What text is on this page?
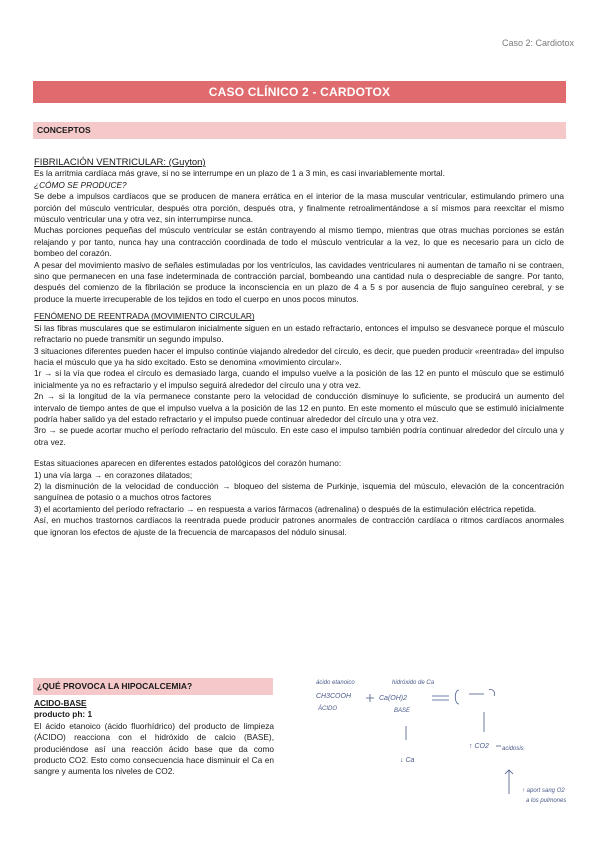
Caso 2: Cardiotox
CASO CLÍNICO 2 - CARDOTOX
CONCEPTOS

FIBRILACIÓN VENTRICULAR: (Guyton)

Es la arritmia cardíaca más grave, si no se interrumpe en un plazo de 1 a 3 min, es casi invariablemente mortal.

¿CÓMO SE PRODUCE?

Se debe a impulsos cardíacos que se producen de manera errática en el interior de la masa muscular ventricular, estimulando primero una porción del músculo ventricular, después otra porción, después otra, y finalmente retroalimentándose a sí mismos para reexcitar el mismo músculo ventricular una y otra vez, sin interrumpirse nunca.

Muchas porciones pequeñas del músculo ventricular se están contrayendo al mismo tiempo, mientras que otras muchas porciones se están relajando y por tanto, nunca hay una contracción coordinada de todo el músculo ventricular a la vez, lo que es necesario para un ciclo de bombeo del corazón.

A pesar del movimiento masivo de señales estimuladas por los ventrículos, las cavidades ventriculares ni aumentan de tamaño ni se contraen, sino que permanecen en una fase indeterminada de contracción parcial, bombeando una cantidad nula o despreciable de sangre. Por tanto, después del comienzo de la fibrilación se produce la inconsciencia en un plazo de 4 a 5 s por ausencia de flujo sanguíneo cerebral, y se produce la muerte irrecuperable de los tejidos en todo el cuerpo en unos pocos minutos.

FENÓMENO DE REENTRADA (MOVIMIENTO CIRCULAR)

Si las fibras musculares que se estimularon inicialmente siguen en un estado refractario, entonces el impulso se desvanece porque el músculo refractario no puede transmitir un segundo impulso.

3 situaciones diferentes pueden hacer el impulso continúe viajando alrededor del círculo, es decir, que pueden producir «reentrada» del impulso hacia el músculo que ya ha sido excitado. Esto se denomina «movimiento circular».

1r → si la vía que rodea el círculo es demasiado larga, cuando el impulso vuelve a la posición de las 12 en punto el músculo que se estimuló inicialmente ya no es refractario y el impulso seguirá alrededor del círculo una y otra vez.

2n → si la longitud de la vía permanece constante pero la velocidad de conducción disminuye lo suficiente, se producirá un aumento del intervalo de tiempo antes de que el impulso vuelva a la posición de las 12 en punto. En este momento el músculo que se estimuló inicialmente podría haber salido ya del estado refractario y el impulso puede continuar alrededor del círculo una y otra vez.

3ro → se puede acortar mucho el período refractario del músculo. En este caso el impulso también podría continuar alrededor del círculo una y otra vez.

Estas situaciones aparecen en diferentes estados patológicos del corazón humano:

1) una vía larga → en corazones dilatados;

2) la disminución de la velocidad de conducción → bloqueo del sistema de Purkinje, isquemia del músculo, elevación de la concentración sanguínea de potasio o a muchos otros factores

3) el acortamiento del período refractario → en respuesta a varios fármacos (adrenalina) o después de la estimulación eléctrica repetida.

Así, en muchos trastornos cardíacos la reentrada puede producir patrones anormales de contracción cardíaca o ritmos cardíacos anormales que ignoran los efectos de ajuste de la frecuencia de marcapasos del nódulo sinusal.

¿QUÉ PROVOCA LA HIPOCALCEMIA?

ACIDO-BASE

producto ph: 1

El ácido etanoico (ácido fluorhídrico) del producto de limpieza (ÁCIDO) reacciona con el hidróxido de calcio (BASE), produciéndose así una reacción ácido base que da como producto CO2. Esto como consecuencia hace disminuir el Ca en sangre y aumenta los niveles de CO2.

ácido etanoico	hidróxido de Ca
CH3COOH	Ca(OH)2
ÁCIDO	BASE
↑ CO2 acidosis
↓ Ca
↑ aport sang O2
a los pulmones
